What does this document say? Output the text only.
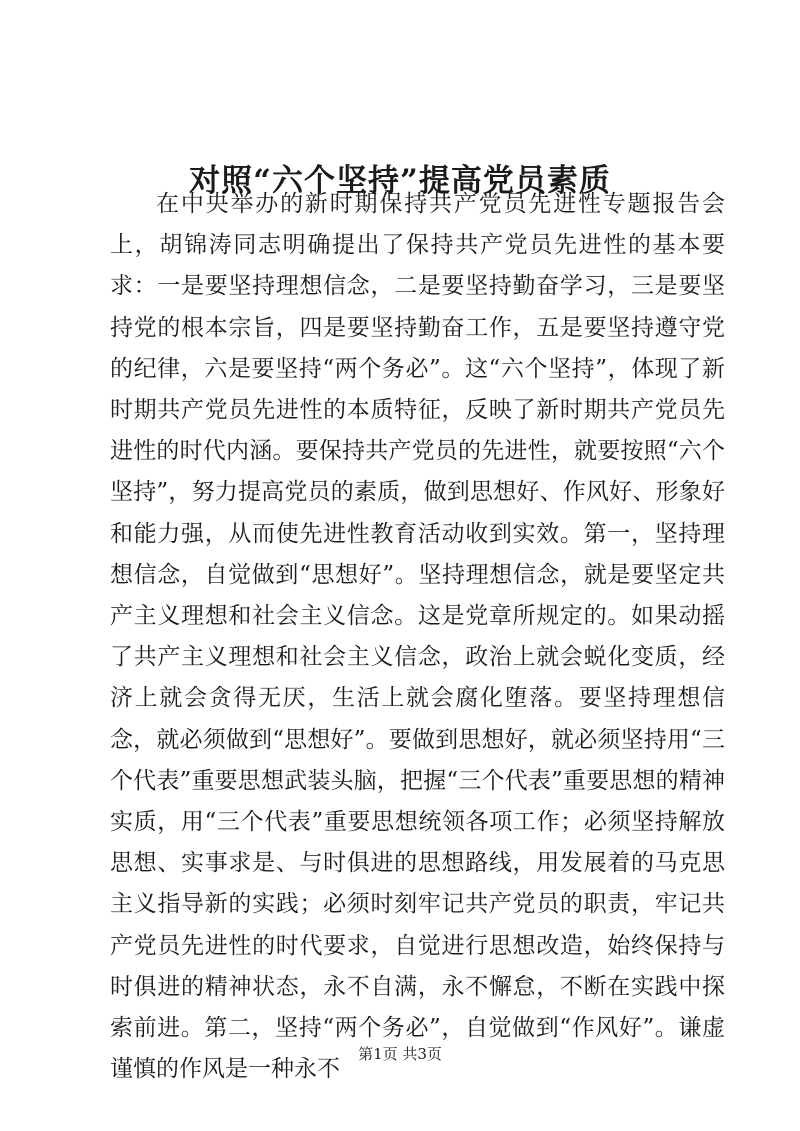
对照“六个坚持”提高党员素质

在中央举办的新时期保持共产党员先进性专题报告会上，胡锦涛同志明确提出了保持共产党员先进性的基本要求：一是要坚持理想信念，二是要坚持勤奋学习，三是要坚持党的根本宗旨，四是要坚持勤奋工作，五是要坚持遵守党的纪律，六是要坚持“两个务必”。这“六个坚持”，体现了新时期共产党员先进性的本质特征，反映了新时期共产党员先进性的时代内涵。要保持共产党员的先进性，就要按照“六个坚持”，努力提高党员的素质，做到思想好、作风好、形象好和能力强，从而使先进性教育活动收到实效。第一，坚持理想信念，自觉做到“思想好”。坚持理想信念，就是要坚定共产主义理想和社会主义信念。这是党章所规定的。如果动摇了共产主义理想和社会主义信念，政治上就会蜕化变质，经济上就会贪得无厌，生活上就会腐化堕落。要坚持理想信念，就必须做到“思想好”。要做到思想好，就必须坚持用“三个代表”重要思想武装头脑，把握“三个代表”重要思想的精神实质，用“三个代表”重要思想统领各项工作；必须坚持解放思想、实事求是、与时俱进的思想路线，用发展着的马克思主义指导新的实践；必须时刻牢记共产党员的职责，牢记共产党员先进性的时代要求，自觉进行思想改造，始终保持与时俱进的精神状态，永不自满，永不懈怠，不断在实践中探索前进。第二，坚持“两个务必”，自觉做到“作风好”。谦虚谨慎的作风是一种永不

第1页 共3页
